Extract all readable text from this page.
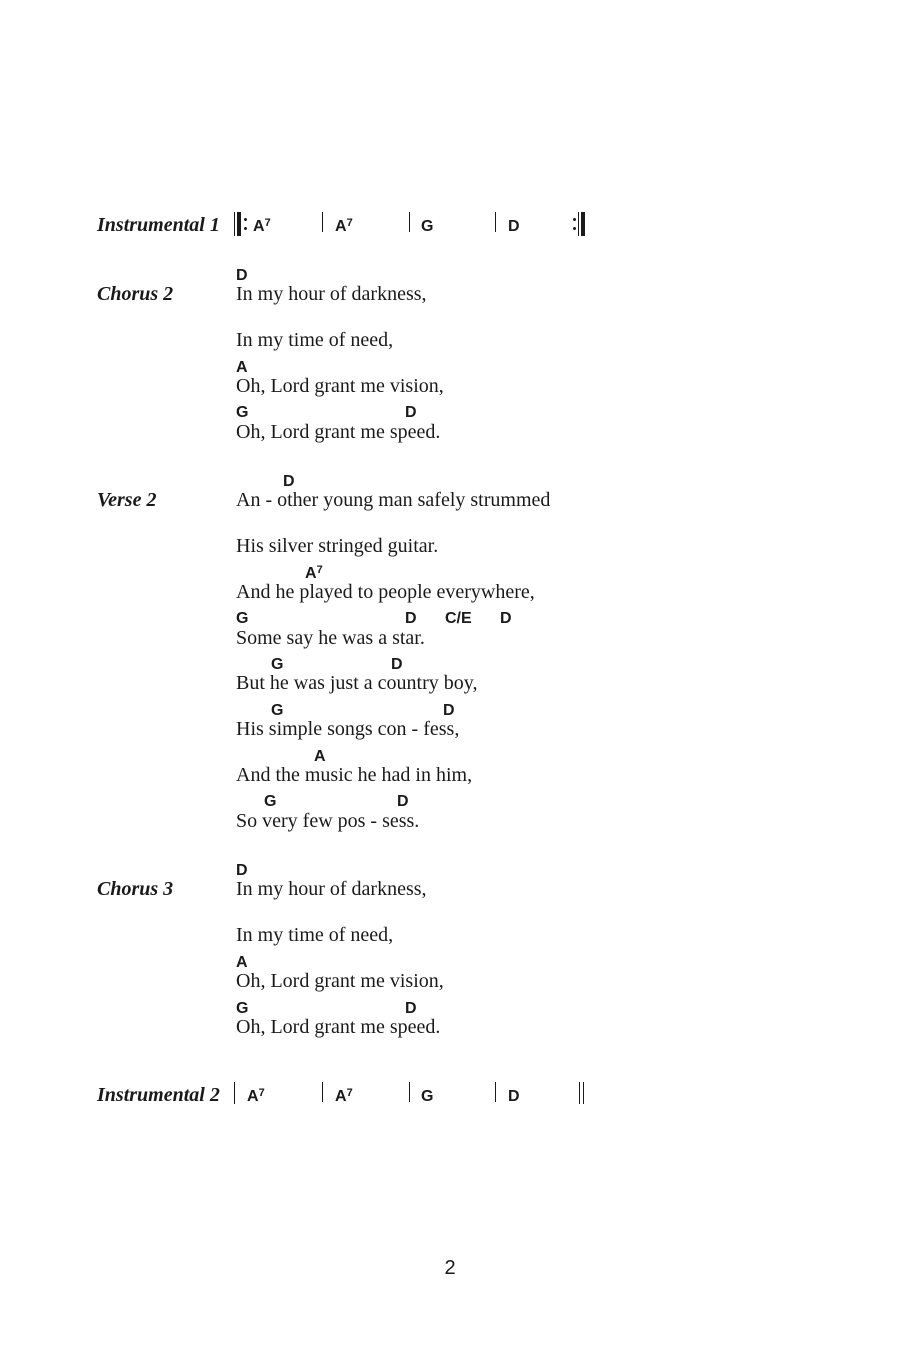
Instrumental 1 $A^7$	$A^7$	G	D
Chorus 2
D
In my hour of darkness,
In my time of need,
A
Oh, Lord grant me vision,
G	D
Oh, Lord grant me speed.
Verse 2
D
An - other young man safely strummed
His silver stringed guitar.
$A^7$
And he played to people everywhere,
G	D C/E D
Some say he was a star.
G	D
But he was just a country boy,
G	D
His simple songs con - fess,
A
And the music he had in him,
G	D
So very few pos - sess.
Chorus 3
D
In my hour of darkness,
In my time of need,
A
Oh, Lord grant me vision,
G	D
Oh, Lord grant me speed.
Instrumental 2 $A^7$	$A^7$	G	D
2
